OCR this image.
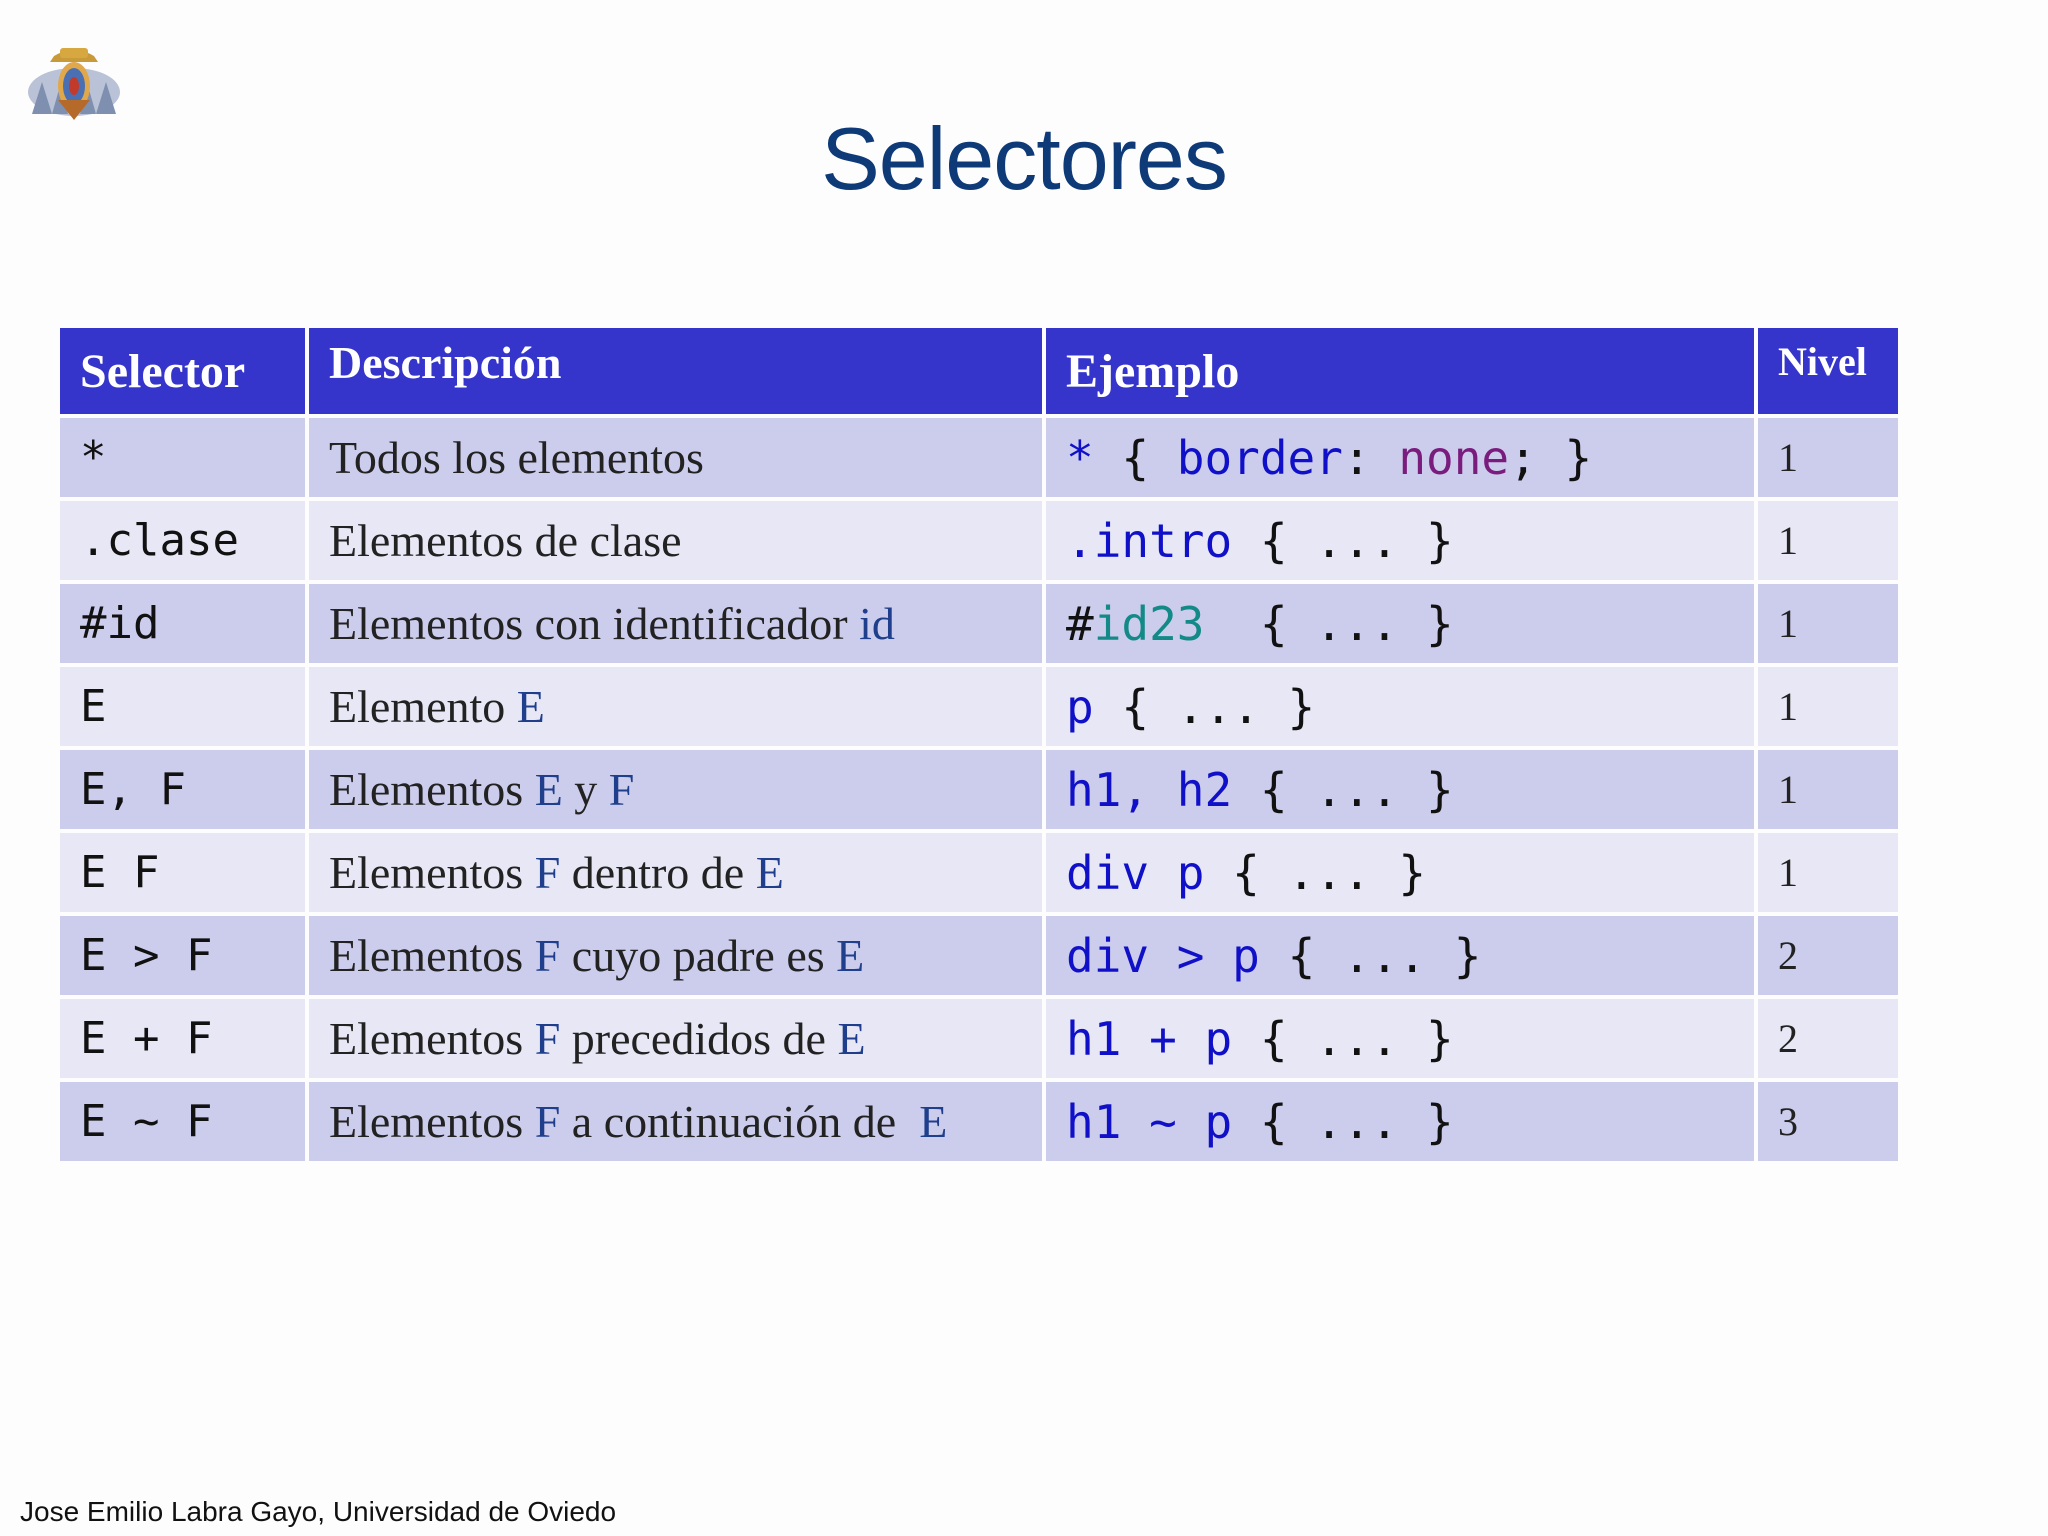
Selectores
Selector	Descripción	Ejemplo	Nivel
*	Todos los elementos	* { border: none; }	1
.clase	Elementos de clase	.intro { ... }	1
#id	Elementos con identificador id	#id23  { ... }	1
E	Elemento E	p { ... }	1
E, F	Elementos E y F	h1, h2 { ... }	1
E F	Elementos F dentro de E	div p { ... }	1
E > F	Elementos F cuyo padre es E	div > p { ... }	2
E + F	Elementos F precedidos de E	h1 + p { ... }	2
E ~ F	Elementos F a continuación de  E	h1 ~ p { ... }	3
Jose Emilio Labra Gayo, Universidad de Oviedo
